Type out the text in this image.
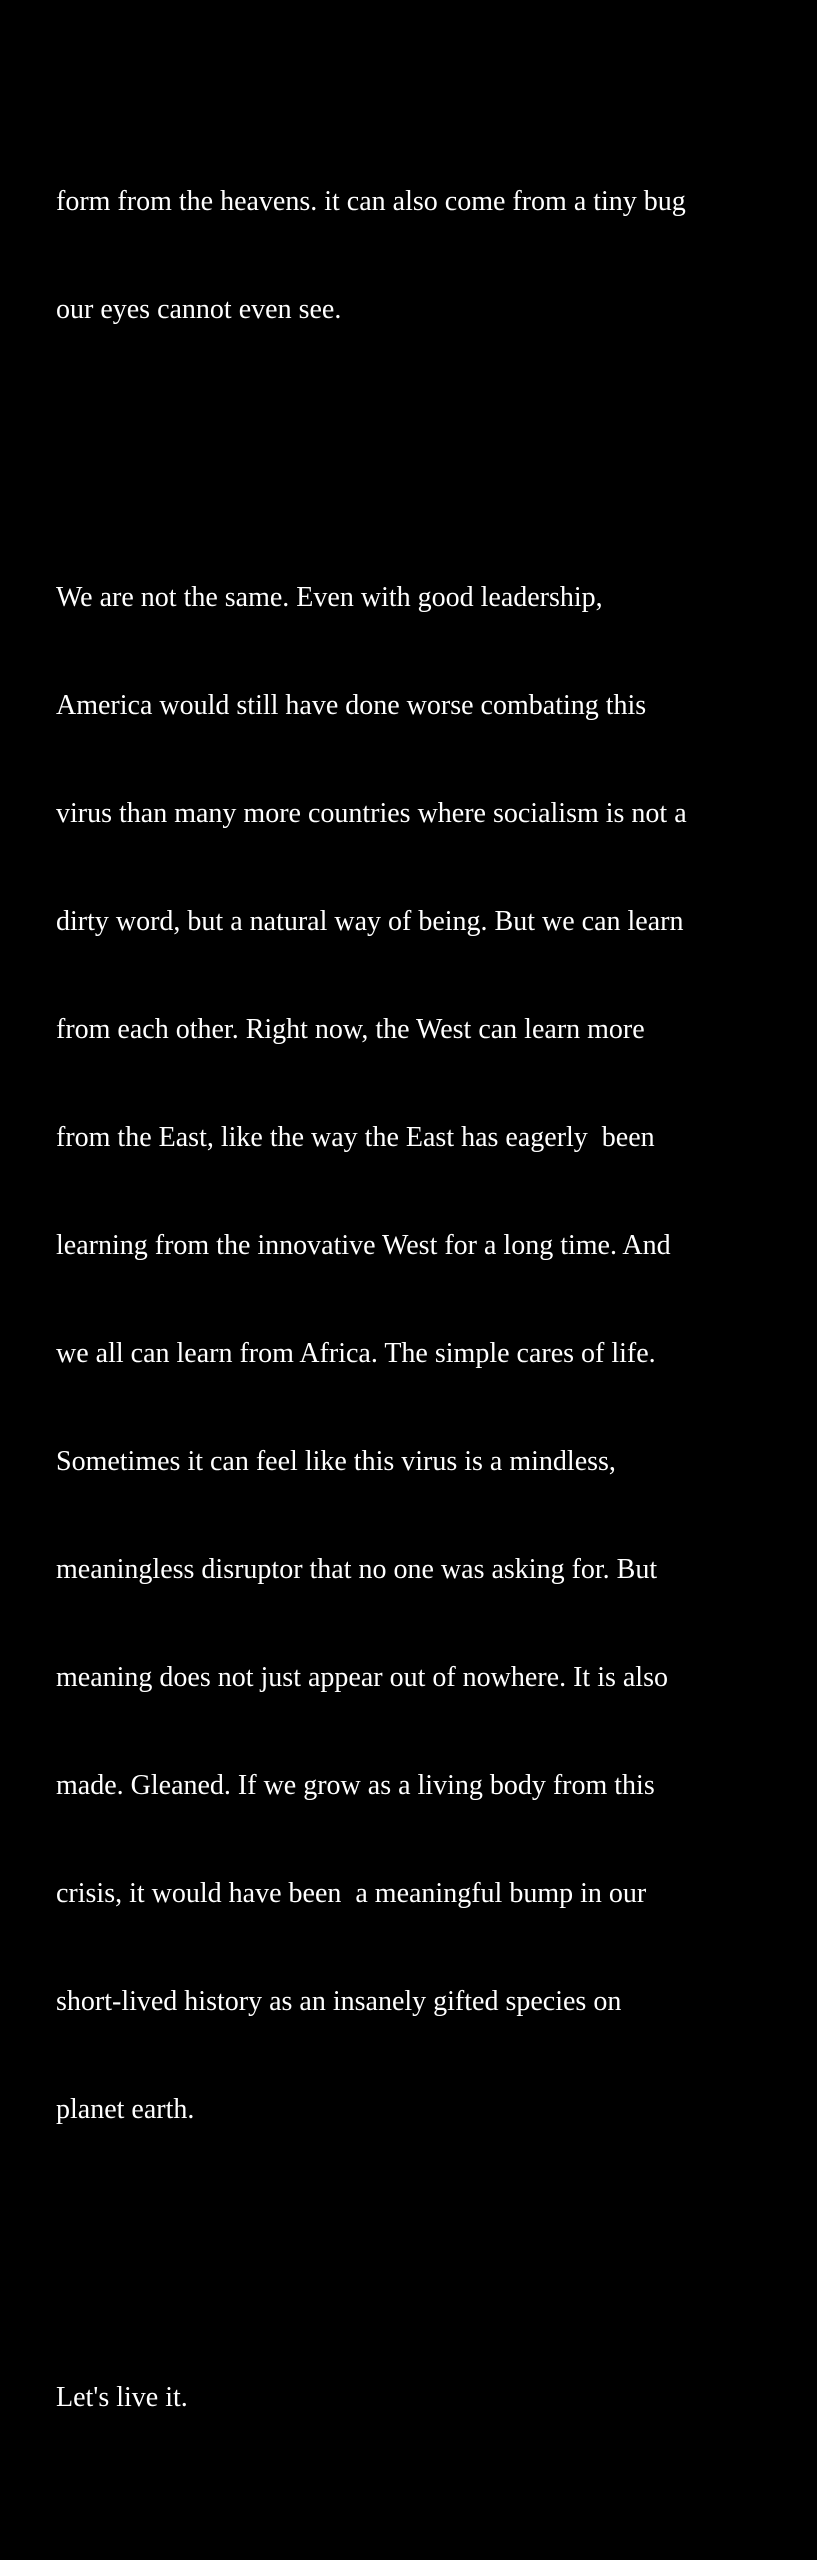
form from the heavens. it can also come from a tiny bug

our eyes cannot even see.

We are not the same. Even with good leadership,

America would still have done worse combating this

virus than many more countries where socialism is not a

dirty word, but a natural way of being. But we can learn

from each other. Right now, the West can learn more

from the East, like the way the East has eagerly  been

learning from the innovative West for a long time. And

we all can learn from Africa. The simple cares of life.

Sometimes it can feel like this virus is a mindless,

meaningless disruptor that no one was asking for. But

meaning does not just appear out of nowhere. It is also

made. Gleaned. If we grow as a living body from this

crisis, it would have been  a meaningful bump in our

short-lived history as an insanely gifted species on

planet earth.

Let's live it.
